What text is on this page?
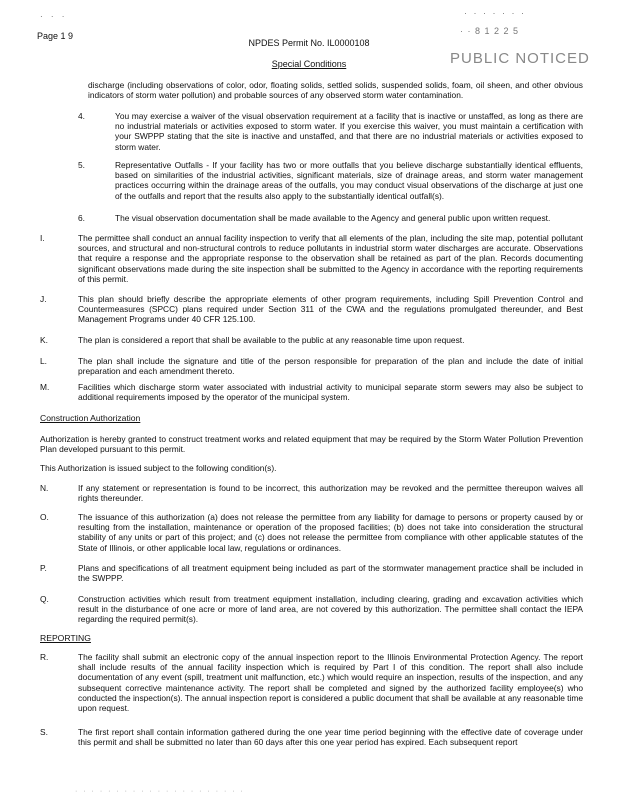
· · ·
Page 1 9
· · · · · · ·
· · 8 1 2 2 5
NPDES Permit No. IL0000108
PUBLIC NOTICED
Special Conditions
discharge (including observations of color, odor, floating solids, settled solids, suspended solids, foam, oil sheen, and other obvious indicators of storm water pollution) and probable sources of any observed storm water contamination.
4.	You may exercise a waiver of the visual observation requirement at a facility that is inactive or unstaffed, as long as there are no industrial materials or activities exposed to storm water. If you exercise this waiver, you must maintain a certification with your SWPPP stating that the site is inactive and unstaffed, and that there are no industrial materials or activities exposed to storm water.
5.	Representative Outfalls - If your facility has two or more outfalls that you believe discharge substantially identical effluents, based on similarities of the industrial activities, significant materials, size of drainage areas, and storm water management practices occurring within the drainage areas of the outfalls, you may conduct visual observations of the discharge at just one of the outfalls and report that the results also apply to the substantially identical outfall(s).
6.	The visual observation documentation shall be made available to the Agency and general public upon written request.
I.	The permittee shall conduct an annual facility inspection to verify that all elements of the plan, including the site map, potential pollutant sources, and structural and non-structural controls to reduce pollutants in industrial storm water discharges are accurate. Observations that require a response and the appropriate response to the observation shall be retained as part of the plan. Records documenting significant observations made during the site inspection shall be submitted to the Agency in accordance with the reporting requirements of this permit.
J.	This plan should briefly describe the appropriate elements of other program requirements, including Spill Prevention Control and Countermeasures (SPCC) plans required under Section 311 of the CWA and the regulations promulgated thereunder, and Best Management Programs under 40 CFR 125.100.
K.	The plan is considered a report that shall be available to the public at any reasonable time upon request.
L.	The plan shall include the signature and title of the person responsible for preparation of the plan and include the date of initial preparation and each amendment thereto.
M.	Facilities which discharge storm water associated with industrial activity to municipal separate storm sewers may also be subject to additional requirements imposed by the operator of the municipal system.
Construction Authorization
Authorization is hereby granted to construct treatment works and related equipment that may be required by the Storm Water Pollution Prevention Plan developed pursuant to this permit.
This Authorization is issued subject to the following condition(s).
N.	If any statement or representation is found to be incorrect, this authorization may be revoked and the permittee thereupon waives all rights thereunder.
O.	The issuance of this authorization (a) does not release the permittee from any liability for damage to persons or property caused by or resulting from the installation, maintenance or operation of the proposed facilities; (b) does not take into consideration the structural stability of any units or part of this project; and (c) does not release the permittee from compliance with other applicable statutes of the State of Illinois, or other applicable local law, regulations or ordinances.
P.	Plans and specifications of all treatment equipment being included as part of the stormwater management practice shall be included in the SWPPP.
Q.	Construction activities which result from treatment equipment installation, including clearing, grading and excavation activities which result in the disturbance of one acre or more of land area, are not covered by this authorization. The permittee shall contact the IEPA regarding the required permit(s).
REPORTING
R.	The facility shall submit an electronic copy of the annual inspection report to the Illinois Environmental Protection Agency. The report shall include results of the annual facility inspection which is required by Part I of this condition. The report shall also include documentation of any event (spill, treatment unit malfunction, etc.) which would require an inspection, results of the inspection, and any subsequent corrective maintenance activity. The report shall be completed and signed by the authorized facility employee(s) who conducted the inspection(s). The annual inspection report is considered a public document that shall be available at any reasonable time upon request.
S.	The first report shall contain information gathered during the one year time period beginning with the effective date of coverage under this permit and shall be submitted no later than 60 days after this one year period has expired. Each subsequent report
· · · · · · · · · · · · · · · · · · · · ·
